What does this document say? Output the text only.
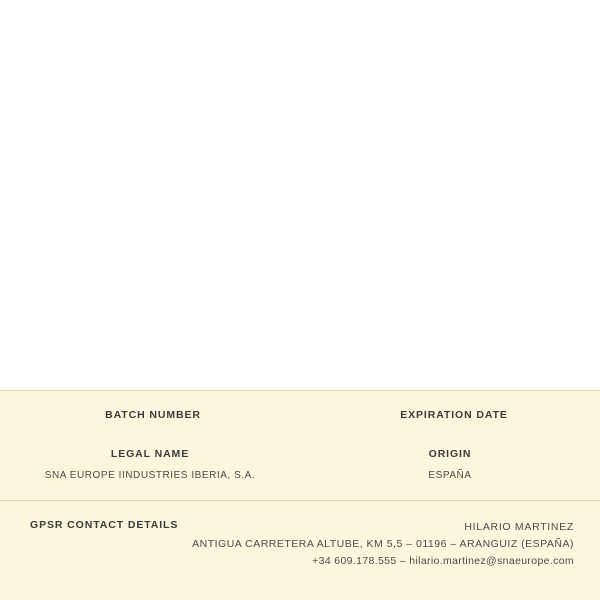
BATCH NUMBER	EXPIRATION DATE
LEGAL NAME
SNA EUROPE IINDUSTRIES IBERIA, S.A.
ORIGIN
ESPAÑA
GPSR CONTACT DETAILS	HILARIO MARTINEZ
ANTIGUA CARRETERA ALTUBE, KM 5,5 – 01196 – ARANGUIZ (ESPAÑA)
+34 609.178.555 – hilario.martinez@snaeurope.com
